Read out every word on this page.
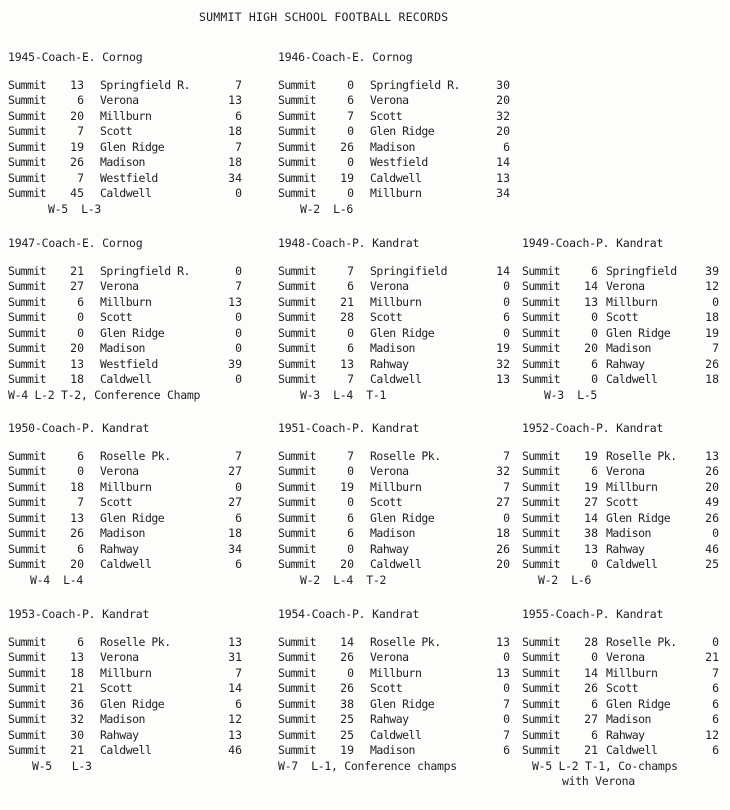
SUMMIT HIGH SCHOOL FOOTBALL RECORDS
1945-Coach-E. Cornog
Summit	13 Springfield R.	7
Summit	6 Verona	13
Summit	20 Millburn	6
Summit	7 Scott	18
Summit	19 Glen Ridge	7
Summit	26 Madison	18
Summit	7 Westfield	34
Summit	45 Caldwell	0
W-5  L-3
1946-Coach-E. Cornog
Summit	0 Springfield R.	30
Summit	6 Verona	20
Summit	7 Scott	32
Summit	0 Glen Ridge	20
Summit	26 Madison	6
Summit	0 Westfield	14
Summit	19 Caldwell	13
Summit	0 Millburn	34
W-2  L-6
1947-Coach-E. Cornog
Summit	21 Springfield R.	0
Summit	27 Verona	7
Summit	6 Millburn	13
Summit	0 Scott	0
Summit	0 Glen Ridge	0
Summit	20 Madison	0
Summit	13 Westfield	39
Summit	18 Caldwell	0
W-4 L-2 T-2, Conference Champ
1948-Coach-P. Kandrat
Summit	7 Springifield	14
Summit	6 Verona	0
Summit	21 Millburn	0
Summit	28 Scott	6
Summit	0 Glen Ridge	0
Summit	6 Madison	19
Summit	13 Rahway	32
Summit	7 Caldwell	13
W-3  L-4  T-1
1949-Coach-P. Kandrat
Summit	6 Springfield	39
Summit	14 Verona	12
Summit	13 Millburn	0
Summit	0 Scott	18
Summit	0 Glen Ridge	19
Summit	20 Madison	7
Summit	6 Rahway	26
Summit	0 Caldwell	18
W-3  L-5
1950-Coach-P. Kandrat
Summit	6 Roselle Pk.	7
Summit	0 Verona	27
Summit	18 Millburn	0
Summit	7 Scott	27
Summit	13 Glen Ridge	6
Summit	26 Madison	18
Summit	6 Rahway	34
Summit	20 Caldwell	6
W-4  L-4
1951-Coach-P. Kandrat
Summit	7 Roselle Pk.	7
Summit	0 Verona	32
Summit	19 Millburn	7
Summit	0 Scott	27
Summit	6 Glen Ridge	0
Summit	6 Madison	18
Summit	0 Rahway	26
Summit	20 Caldwell	20
W-2  L-4  T-2
1952-Coach-P. Kandrat
Summit	19 Roselle Pk.	13
Summit	6 Verona	26
Summit	19 Millburn	20
Summit	27 Scott	49
Summit	14 Glen Ridge	26
Summit	38 Madison	0
Summit	13 Rahway	46
Summit	0 Caldwell	25
W-2  L-6
1953-Coach-P. Kandrat
Summit	6 Roselle Pk.	13
Summit	13 Verona	31
Summit	18 Millburn	7
Summit	21 Scott	14
Summit	36 Glen Ridge	6
Summit	32 Madison	12
Summit	30 Rahway	13
Summit	21 Caldwell	46
W-5   L-3
1954-Coach-P. Kandrat
Summit	14 Roselle Pk.	13
Summit	26 Verona	0
Summit	0 Millburn	13
Summit	26 Scott	0
Summit	38 Glen Ridge	7
Summit	25 Rahway	0
Summit	25 Caldwell	7
Summit	19 Madison	6
W-7  L-1, Conference champs
1955-Coach-P. Kandrat
Summit	28 Roselle Pk.	0
Summit	0 Verona	21
Summit	14 Millburn	7
Summit	26 Scott	6
Summit	6 Glen Ridge	6
Summit	27 Madison	6
Summit	6 Rahway	12
Summit	21 Caldwell	6
W-5 L-2 T-1, Co-champs
with Verona
